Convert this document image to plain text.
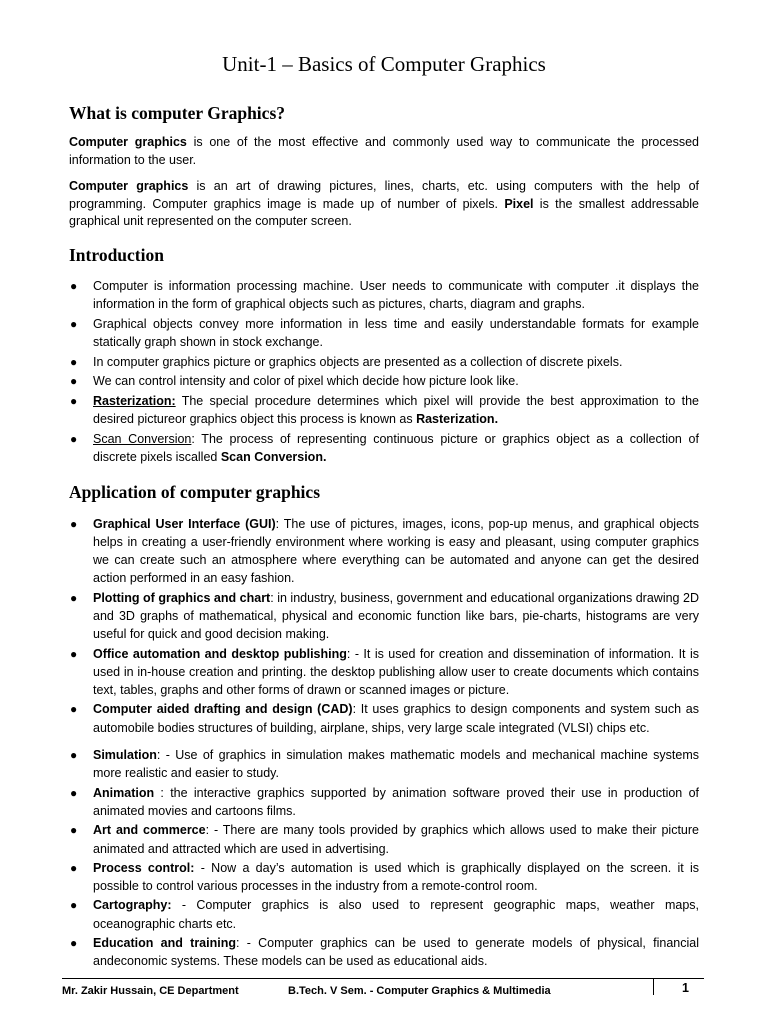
Unit-1 – Basics of Computer Graphics
What is computer Graphics?

Computer graphics is one of the most effective and commonly used way to communicate the processed information to the user.

Computer graphics is an art of drawing pictures, lines, charts, etc. using computers with the help of programming. Computer graphics image is made up of number of pixels. Pixel is the smallest addressable graphical unit represented on the computer screen.

Introduction
● Computer is information processing machine. User needs to communicate with computer .it displays the information in the form of graphical objects such as pictures, charts, diagram and graphs.
● Graphical objects convey more information in less time and easily understandable formats for example statically graph shown in stock exchange.
● In computer graphics picture or graphics objects are presented as a collection of discrete pixels.
● We can control intensity and color of pixel which decide how picture look like.
● Rasterization: The special procedure determines which pixel will provide the best approximation to the desired pictureor graphics object this process is known as Rasterization.
● Scan Conversion: The process of representing continuous picture or graphics object as a collection of discrete pixels iscalled Scan Conversion.
Application of computer graphics
● Graphical User Interface (GUI): The use of pictures, images, icons, pop-up menus, and graphical objects helps in creating a user-friendly environment where working is easy and pleasant, using computer graphics we can create such an atmosphere where everything can be automated and anyone can get the desired action performed in an easy fashion.
● Plotting of graphics and chart: in industry, business, government and educational organizations drawing 2D and 3D graphs of mathematical, physical and economic function like bars, pie-charts, histograms are very useful for quick and good decision making.
● Office automation and desktop publishing: - It is used for creation and dissemination of information. It is used in in-house creation and printing. the desktop publishing allow user to create documents which contains text, tables, graphs and other forms of drawn or scanned images or picture.
● Computer aided drafting and design (CAD): It uses graphics to design components and system such as automobile bodies structures of building, airplane, ships, very large scale integrated (VLSI) chips etc.
● Simulation: - Use of graphics in simulation makes mathematic models and mechanical machine systems more realistic and easier to study.
● Animation : the interactive graphics supported by animation software proved their use in production of animated movies and cartoons films.
● Art and commerce: - There are many tools provided by graphics which allows used to make their picture animated and attracted which are used in advertising.
● Process control: - Now a day’s automation is used which is graphically displayed on the screen. it is possible to control various processes in the industry from a remote-control room.
● Cartography: - Computer graphics is also used to represent geographic maps, weather maps, oceanographic charts etc.
● Education and training: - Computer graphics can be used to generate models of physical, financial andeconomic systems. These models can be used as educational aids.
Mr. Zakir Hussain, CE Department	B.Tech. V Sem. - Computer Graphics & Multimedia	1
